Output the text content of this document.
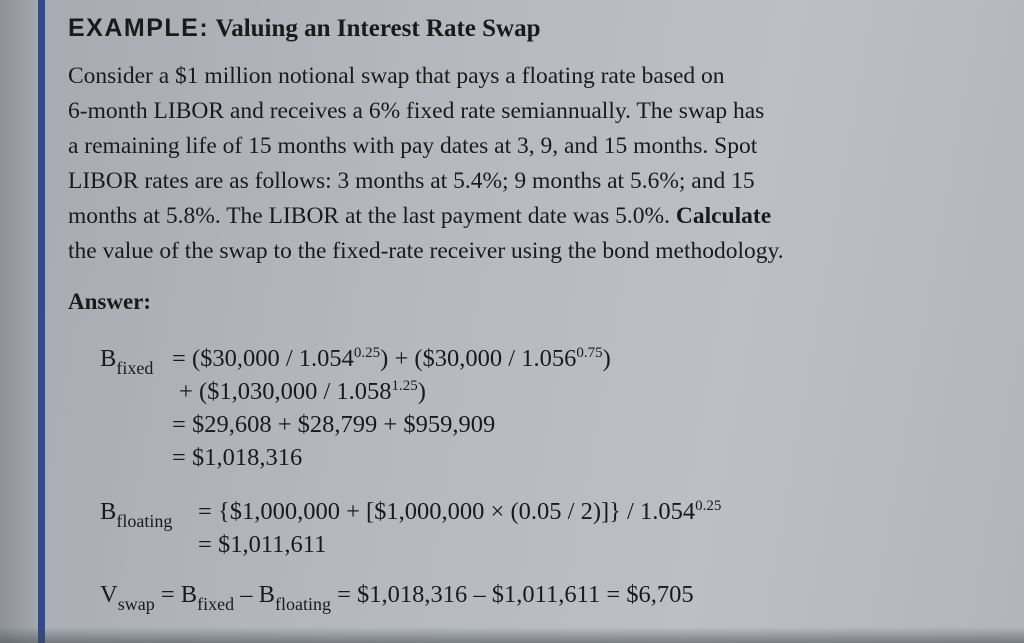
EXAMPLE: Valuing an Interest Rate Swap
Consider a $1 million notional swap that pays a floating rate based on
6-month LIBOR and receives a 6% fixed rate semiannually. The swap has
a remaining life of 15 months with pay dates at 3, 9, and 15 months. Spot
LIBOR rates are as follows: 3 months at 5.4%; 9 months at 5.6%; and 15
months at 5.8%. The LIBOR at the last payment date was 5.0%. Calculate
the value of the swap to the fixed-rate receiver using the bond methodology.
Answer:
$B_{fixed}$ = ($30,000 / $1.054^{0.25}$) + ($30,000 / $1.056^{0.75}$)
+ ($1,030,000 / $1.058^{1.25}$)
= $29,608 + $28,799 + $959,909
= $1,018,316
$B_{floating}$ = {$1,000,000 + [$1,000,000 × $(0.05 / 2)]\} / 1.054^{0.25}$
= $1,011,611
$V_{swap} = B_{fixed} - B_{floating}$ = $1,018,316 – $1,011,611 = $6,705
